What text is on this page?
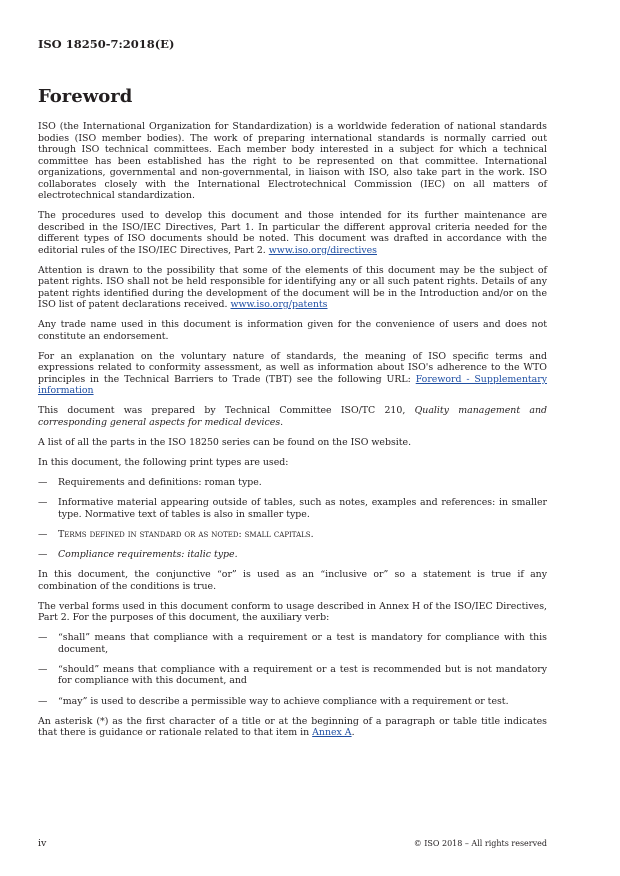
ISO 18250-7:2018(E)
Foreword

ISO (the International Organization for Standardization) is a worldwide federation of national standards bodies (ISO member bodies). The work of preparing international standards is normally carried out through ISO technical committees. Each member body interested in a subject for which a technical committee has been established has the right to be represented on that committee. International organizations, governmental and non-governmental, in liaison with ISO, also take part in the work. ISO collaborates closely with the International Electrotechnical Commission (IEC) on all matters of electrotechnical standardization.

The procedures used to develop this document and those intended for its further maintenance are described in the ISO/IEC Directives, Part 1. In particular the different approval criteria needed for the different types of ISO documents should be noted. This document was drafted in accordance with the editorial rules of the ISO/IEC Directives, Part 2. www.iso.org/directives

Attention is drawn to the possibility that some of the elements of this document may be the subject of patent rights. ISO shall not be held responsible for identifying any or all such patent rights. Details of any patent rights identified during the development of the document will be in the Introduction and/or on the ISO list of patent declarations received. www.iso.org/patents

Any trade name used in this document is information given for the convenience of users and does not constitute an endorsement.

For an explanation on the voluntary nature of standards, the meaning of ISO specific terms and expressions related to conformity assessment, as well as information about ISO's adherence to the WTO principles in the Technical Barriers to Trade (TBT) see the following URL: Foreword - Supplementary information

This document was prepared by Technical Committee ISO/TC 210, Quality management and corresponding general aspects for medical devices.

A list of all the parts in the ISO 18250 series can be found on the ISO website.

In this document, the following print types are used:

—	Requirements and definitions: roman type.
—	Informative material appearing outside of tables, such as notes, examples and references: in smaller type. Normative text of tables is also in smaller type.
—	Terms defined in standard or as noted: small capitals.
—	Compliance requirements: italic type.

In this document, the conjunctive “or” is used as an “inclusive or” so a statement is true if any combination of the conditions is true.

The verbal forms used in this document conform to usage described in Annex H of the ISO/IEC Directives, Part 2. For the purposes of this document, the auxiliary verb:

—	“shall” means that compliance with a requirement or a test is mandatory for compliance with this document,
—	“should” means that compliance with a requirement or a test is recommended but is not mandatory for compliance with this document, and
—	“may” is used to describe a permissible way to achieve compliance with a requirement or test.

An asterisk (*) as the first character of a title or at the beginning of a paragraph or table title indicates that there is guidance or rationale related to that item in Annex A.

iv	© ISO 2018 – All rights reserved
